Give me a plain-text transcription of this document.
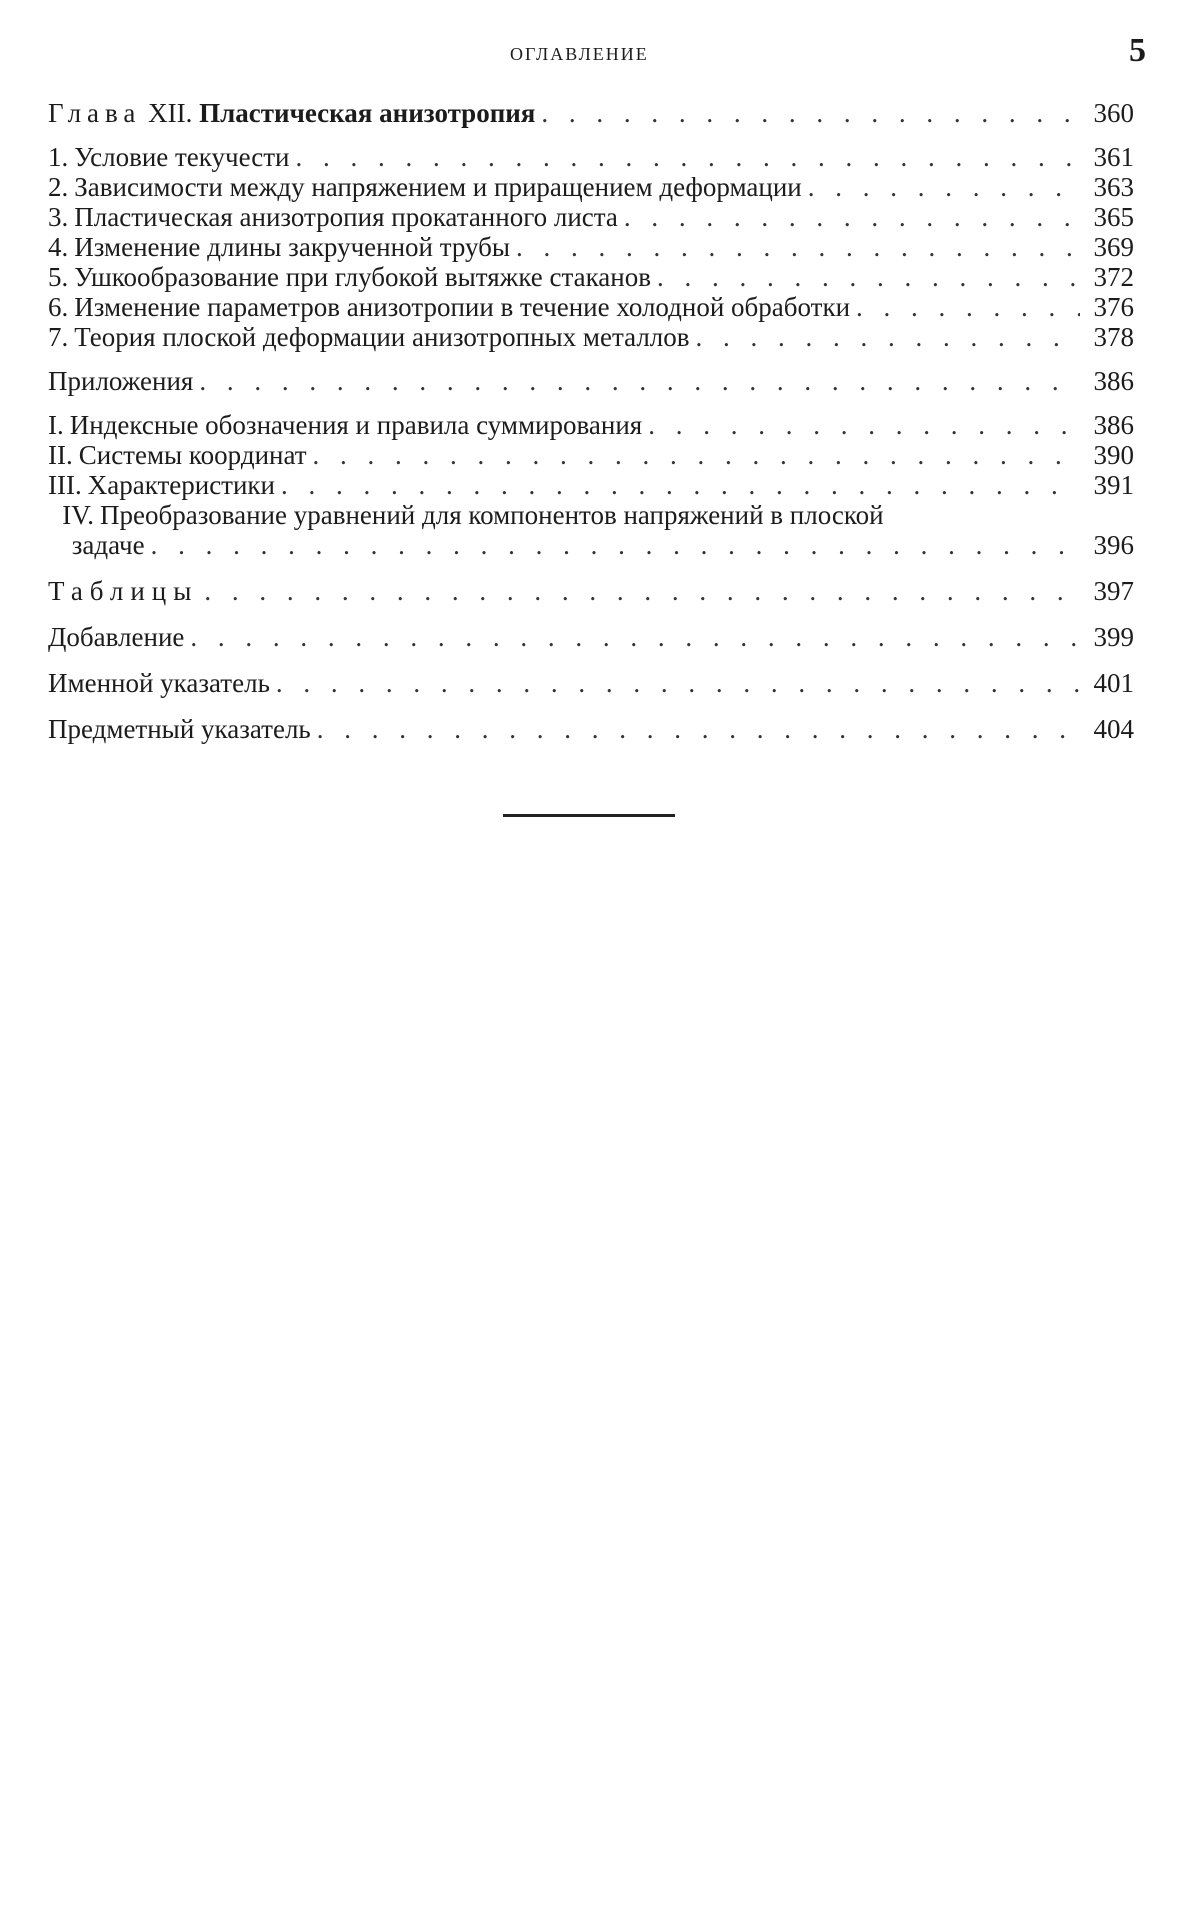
ОГЛАВЛЕНИЕ	5
Глава XII. Пластическая анизотропия . . .	360
1. Условие текучести . . .	361
2. Зависимости между напряжением и приращением деформации . . .	363
3. Пластическая анизотропия прокатанного листа . . .	365
4. Изменение длины закрученной трубы . . .	369
5. Ушкообразование при глубокой вытяжке стаканов . . .	372
6. Изменение параметров анизотропии в течение холодной обработки . . .	376
7. Теория плоской деформации анизотропных металлов . . .	378
Приложения . . .	386
I. Индексные обозначения и правила суммирования . . .	386
II. Системы координат . . .	390
III. Характеристики . . .	391
IV. Преобразование уравнений для компонентов напряжений в плоской
задаче . . .	396
Таблицы . . .	397
Добавление . . .	399
Именной указатель . . .	401
Предметный указатель . . .	404
